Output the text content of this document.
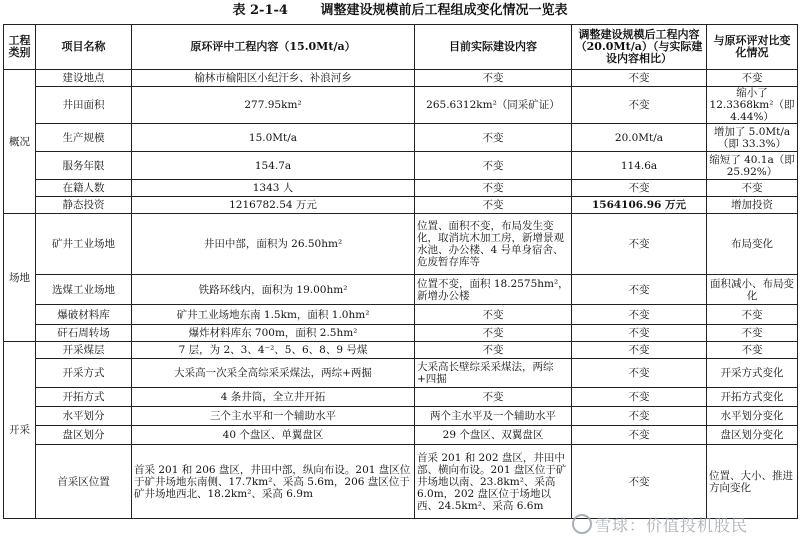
表 2-1-4	调整建设规模前后工程组成变化情况一览表
工程类别	项目名称	原环评中工程内容（15.0Mt/a）	目前实际建设内容	调整建设规模后工程内容（20.0Mt/a）（与实际建设内容相比）	与原环评对比变化情况
概况	建设地点	榆林市榆阳区小纪汗乡、补浪河乡	不变	不变	不变
	井田面积	277.95km²	265.6312km²（同采矿证）	不变	缩小了 12.3368km²（即 4.44%）
	生产规模	15.0Mt/a	不变	20.0Mt/a	增加了 5.0Mt/a（即 33.3%）
	服务年限	154.7a	不变	114.6a	缩短了 40.1a（即 25.92%）
	在籍人数	1343 人	不变	不变	不变
	静态投资	1216782.54 万元	不变	1564106.96 万元	增加投资
场地	矿井工业场地	井田中部，面积为 26.50hm²	位置、面积不变，布局发生变化，取消坑木加工房，新增景观水池、办公楼、4 号单身宿舍、危废暂存库等	不变	布局变化
	选煤工业场地	铁路环线内，面积为 19.00hm²	位置不变，面积 18.2575hm²，新增办公楼	不变	面积减小、布局变化
	爆破材料库	矿井工业场地东南 1.5km，面积 1.0hm²	不变	不变	不变
	矸石周转场	爆炸材料库东 700m，面积 2.5hm²	不变	不变	不变
开采	开采煤层	7 层，为 2、3、4⁻²、5、6、8、9 号煤	不变	不变	不变
	开采方式	大采高一次采全高综采采煤法，两综+两掘	大采高长壁综采采煤法，两综+四掘	不变	开采方式变化
	开拓方式	4 条井筒，全立井开拓	不变	不变	开拓方式变化
	水平划分	三个主水平和一个辅助水平	两个主水平及一个辅助水平	不变	水平划分变化
	盘区划分	40 个盘区、单翼盘区	29 个盘区、双翼盘区	不变	盘区划分变化
	首采区位置	首采 201 和 206 盘区，井田中部，纵向布设。201 盘区位于矿井场地东南侧、17.7km²、采高 5.6m，206 盘区位于矿井场地西北、18.2km²、采高 6.9m	首采 201 和 202 盘区，井田中部、横向布设。201 盘区位于矿井场地以南、23.8km²、采高 6.0m，202 盘区位于场地以西、24.5km²、采高 6.6m	不变	位置、大小、推进方向变化
雪球：价值投机股民
